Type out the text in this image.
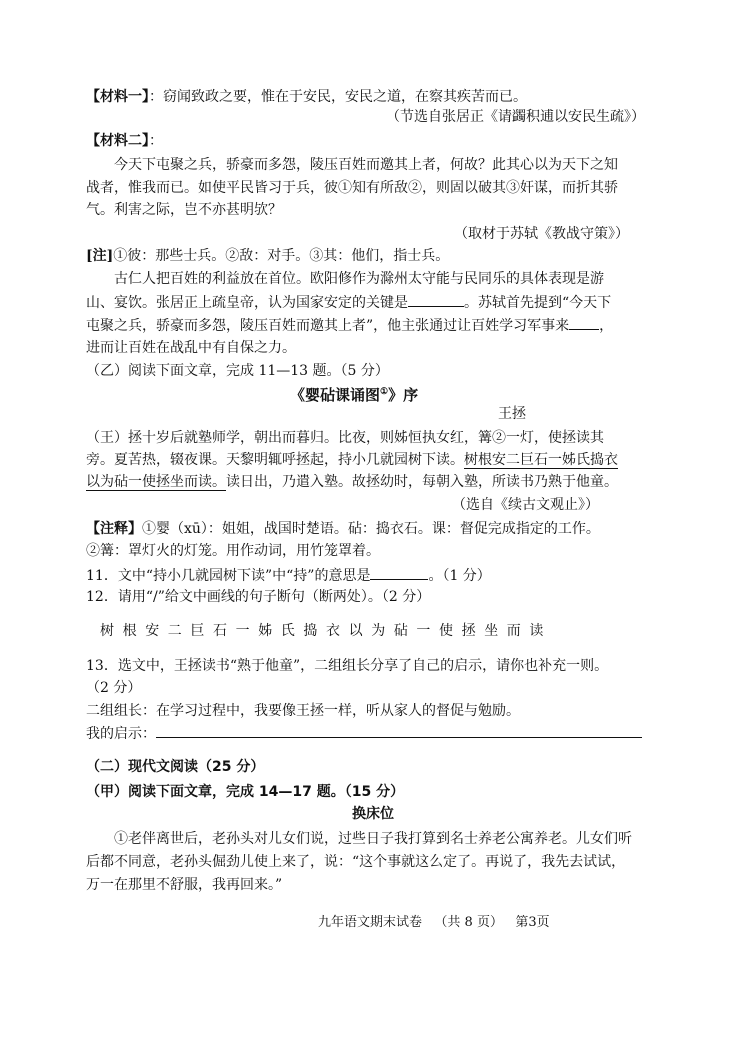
【材料一】：窃闻致政之要，惟在于安民，安民之道，在察其疾苦而已。
（节选自张居正《请蠲积逋以安民生疏》）
【材料二】：
今天下屯聚之兵，骄豪而多怨，陵压百姓而邀其上者，何故？此其心以为天下之知
战者，惟我而已。如使平民皆习于兵，彼①知有所敌②，则固以破其③奸谋，而折其骄
气。利害之际，岂不亦甚明欤？
（取材于苏轼《教战守策》）
[注]①彼：那些士兵。②敌：对手。③其：他们，指士兵。
古仁人把百姓的利益放在首位。欧阳修作为滁州太守能与民同乐的具体表现是游
山、宴饮。张居正上疏皇帝，认为国家安定的关键是	。苏轼首先提到“今天下
屯聚之兵，骄豪而多怨，陵压百姓而邀其上者”，他主张通过让百姓学习军事来 ，
进而让百姓在战乱中有自保之力。
（乙）阅读下面文章，完成 11—13 题。（5 分）
《婴砧课诵图①》序
王拯
（王）拯十岁后就塾师学，朝出而暮归。比夜，则姊恒执女红，篝②一灯，使拯读其
旁。夏苦热，辍夜课。天黎明辄呼拯起，持小几就园树下读。树根安二巨石一姊氏捣衣
以为砧一使拯坐而读。读日出，乃遣入塾。故拯幼时，每朝入塾，所读书乃熟于他童。
（选自《续古文观止》）
【注释】①婴（xū）：姐姐，战国时楚语。砧：捣衣石。课：督促完成指定的工作。
②篝：罩灯火的灯笼。用作动词，用竹笼罩着。
11．文中“持小几就园树下读”中“持”的意思是	。（1 分）
12．请用“/”给文中画线的句子断句（断两处）。（2 分）
树根安二巨石一姊氏捣衣以为砧一使拯坐而读
13．选文中，王拯读书“熟于他童”，二组组长分享了自己的启示，请你也补充一则。
（2 分）
二组组长：在学习过程中，我要像王拯一样，听从家人的督促与勉励。
我的启示：
（二）现代文阅读（25 分）
（甲）阅读下面文章，完成 14—17 题。（15 分）
换床位
①老伴离世后，老孙头对儿女们说，过些日子我打算到名士养老公寓养老。儿女们听
后都不同意，老孙头倔劲儿使上来了，说：“这个事就这么定了。再说了，我先去试试，
万一在那里不舒服，我再回来。”
九年语文期末试卷 （共 8 页） 第3页
